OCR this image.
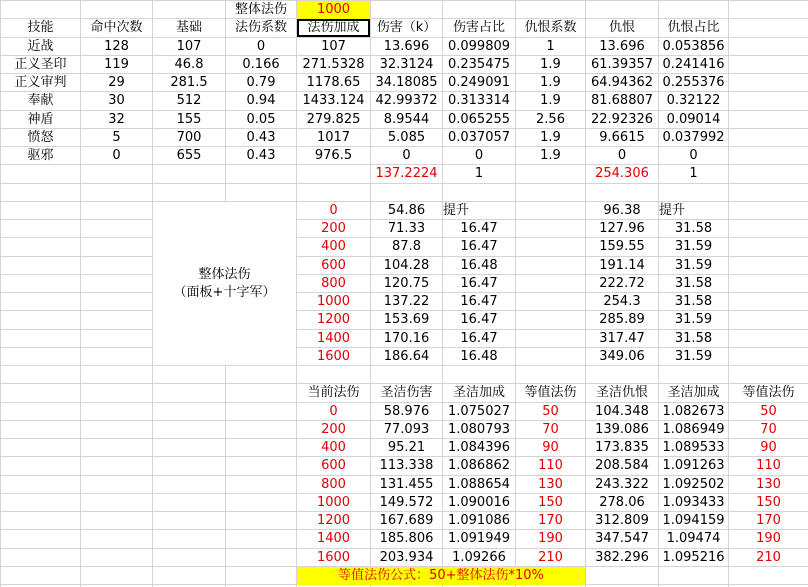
整体法伤	1000
技能	命中次数	基础	法伤系数	法伤加成	伤害（k）	伤害占比	仇恨系数	仇恨	仇恨占比
近战	128	107	0	107	13.696	0.099809	1	13.696	0.053856
正义圣印	119	46.8	0.166	271.5328	32.3124	0.235475	1.9	61.39357 0.241416
正义审判	29	281.5	0.79	1178.65	34.18085 0.249091	1.9	64.94362 0.255376
奉献	30	512	0.94	1433.124 42.99372 0.313314	1.9	81.68807	0.32122
神盾	32	155	0.05	279.825	8.9544	0.065255	2.56	22.92326	0.09014
愤怒	5	700	0.43	1017	5.085	0.037057	1.9	9.6615	0.037992
驱邪	0	655	0.43	976.5	0	0	1.9	0	0
137.2224	1	254.306	1
整体法伤
（面板+十字军）
0	54.86	提升	96.38	提升
200	71.33	16.47	127.96	31.58
400	87.8	16.47	159.55	31.59
600	104.28	16.48	191.14	31.59
800	120.75	16.47	222.72	31.58
1000	137.22	16.47	254.3	31.58
1200	153.69	16.47	285.89	31.59
1400	170.16	16.47	317.47	31.58
1600	186.64	16.48	349.06	31.59
当前法伤	圣洁伤害	圣洁加成	等值法伤	圣洁仇恨	圣洁加成	等值法伤
0	58.976	1.075027	50	104.348	1.082673	50
200	77.093	1.080793	70	139.086	1.086949	70
400	95.21	1.084396	90	173.835	1.089533	90
600	113.338	1.086862	110	208.584	1.091263	110
800	131.455	1.088654	130	243.322	1.092502	130
1000	149.572	1.090016	150	278.06	1.093433	150
1200	167.689	1.091086	170	312.809	1.094159	170
1400	185.806	1.091949	190	347.547	1.09474	190
1600	203.934	1.09266	210	382.296	1.095216	210
等值法伤公式：50+整体法伤*10%
